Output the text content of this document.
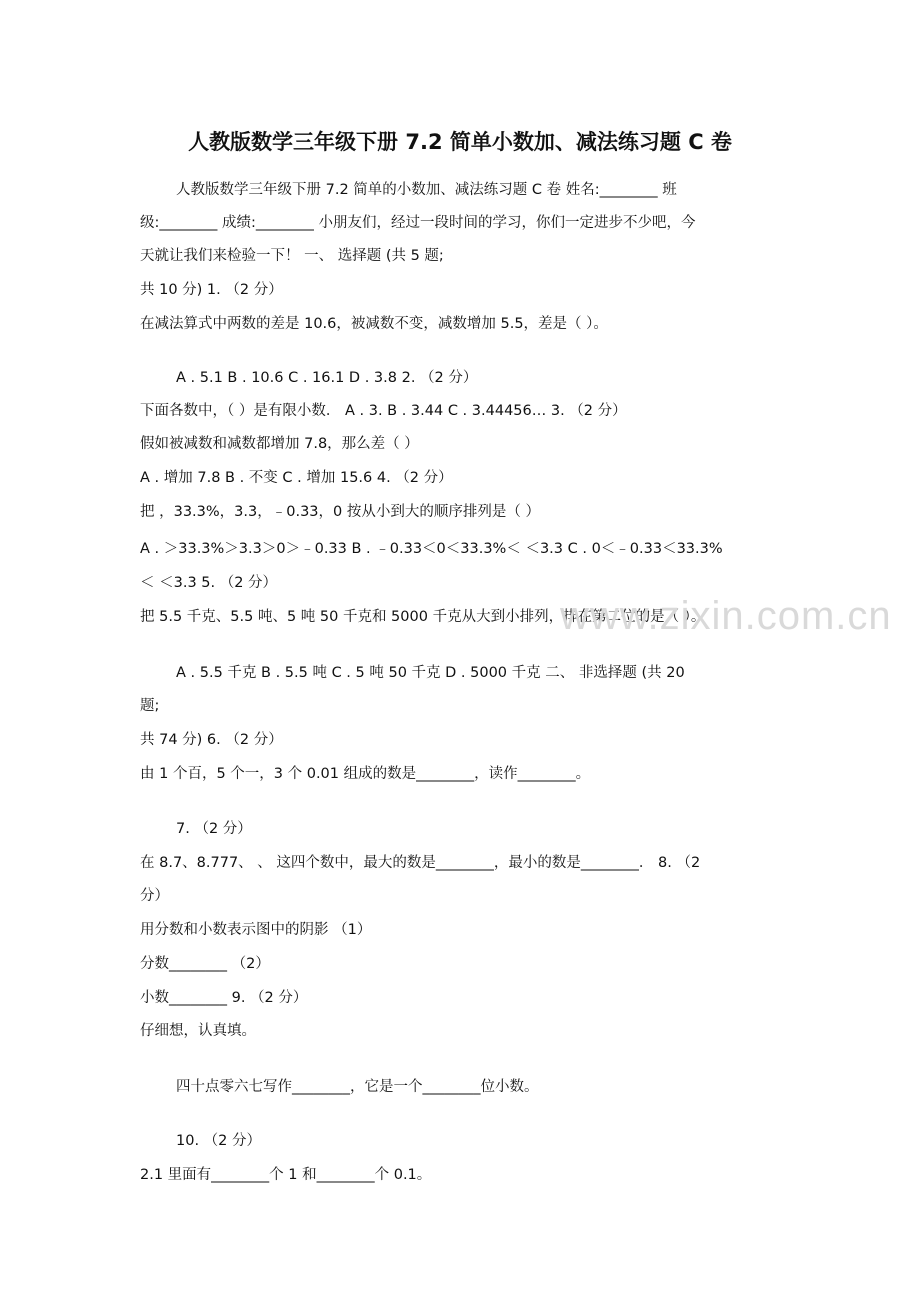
人教版数学三年级下册 7.2 简单小数加、减法练习题 C 卷
人教版数学三年级下册 7.2 简单的小数加、减法练习题 C 卷 姓名:________ 班
级:________ 成绩:________ 小朋友们，经过一段时间的学习，你们一定进步不少吧，今
天就让我们来检验一下！ 一、 选择题 (共 5 题;
共 10 分) 1. （2 分）
在减法算式中两数的差是 10.6，被减数不变，减数增加 5.5，差是（ ）。
A . 5.1 B . 10.6 C . 16.1 D . 3.8 2. （2 分）
下面各数中，（ ）是有限小数． A . 3. B . 3.44 C . 3.44456… 3. （2 分）
假如被减数和减数都增加 7.8，那么差（ ）
A . 增加 7.8 B . 不变 C . 增加 15.6 4. （2 分）
把 ，33.3%，3.3，﹣0.33，0 按从小到大的顺序排列是（ ）
A . ＞33.3%＞3.3＞0＞﹣0.33 B . ﹣0.33＜0＜33.3%＜ ＜3.3 C . 0＜﹣0.33＜33.3%
＜ ＜3.3 5. （2 分）
把 5.5 千克、5.5 吨、5 吨 50 千克和 5000 千克从大到小排列，排在第二位的是（ ）。
A . 5.5 千克 B . 5.5 吨 C . 5 吨 50 千克 D . 5000 千克 二、 非选择题 (共 20
题;
共 74 分) 6. （2 分）
由 1 个百，5 个一，3 个 0.01 组成的数是________，读作________。
7. （2 分）
在 8.7、8.777、 、 这四个数中，最大的数是________，最小的数是________． 8. （2
分）
用分数和小数表示图中的阴影 （1）
分数________ （2）
小数________ 9. （2 分）
仔细想，认真填。
四十点零六七写作________，它是一个________位小数。
10. （2 分）
2.1 里面有________个 1 和________个 0.1。
www.zixin.com.cn
